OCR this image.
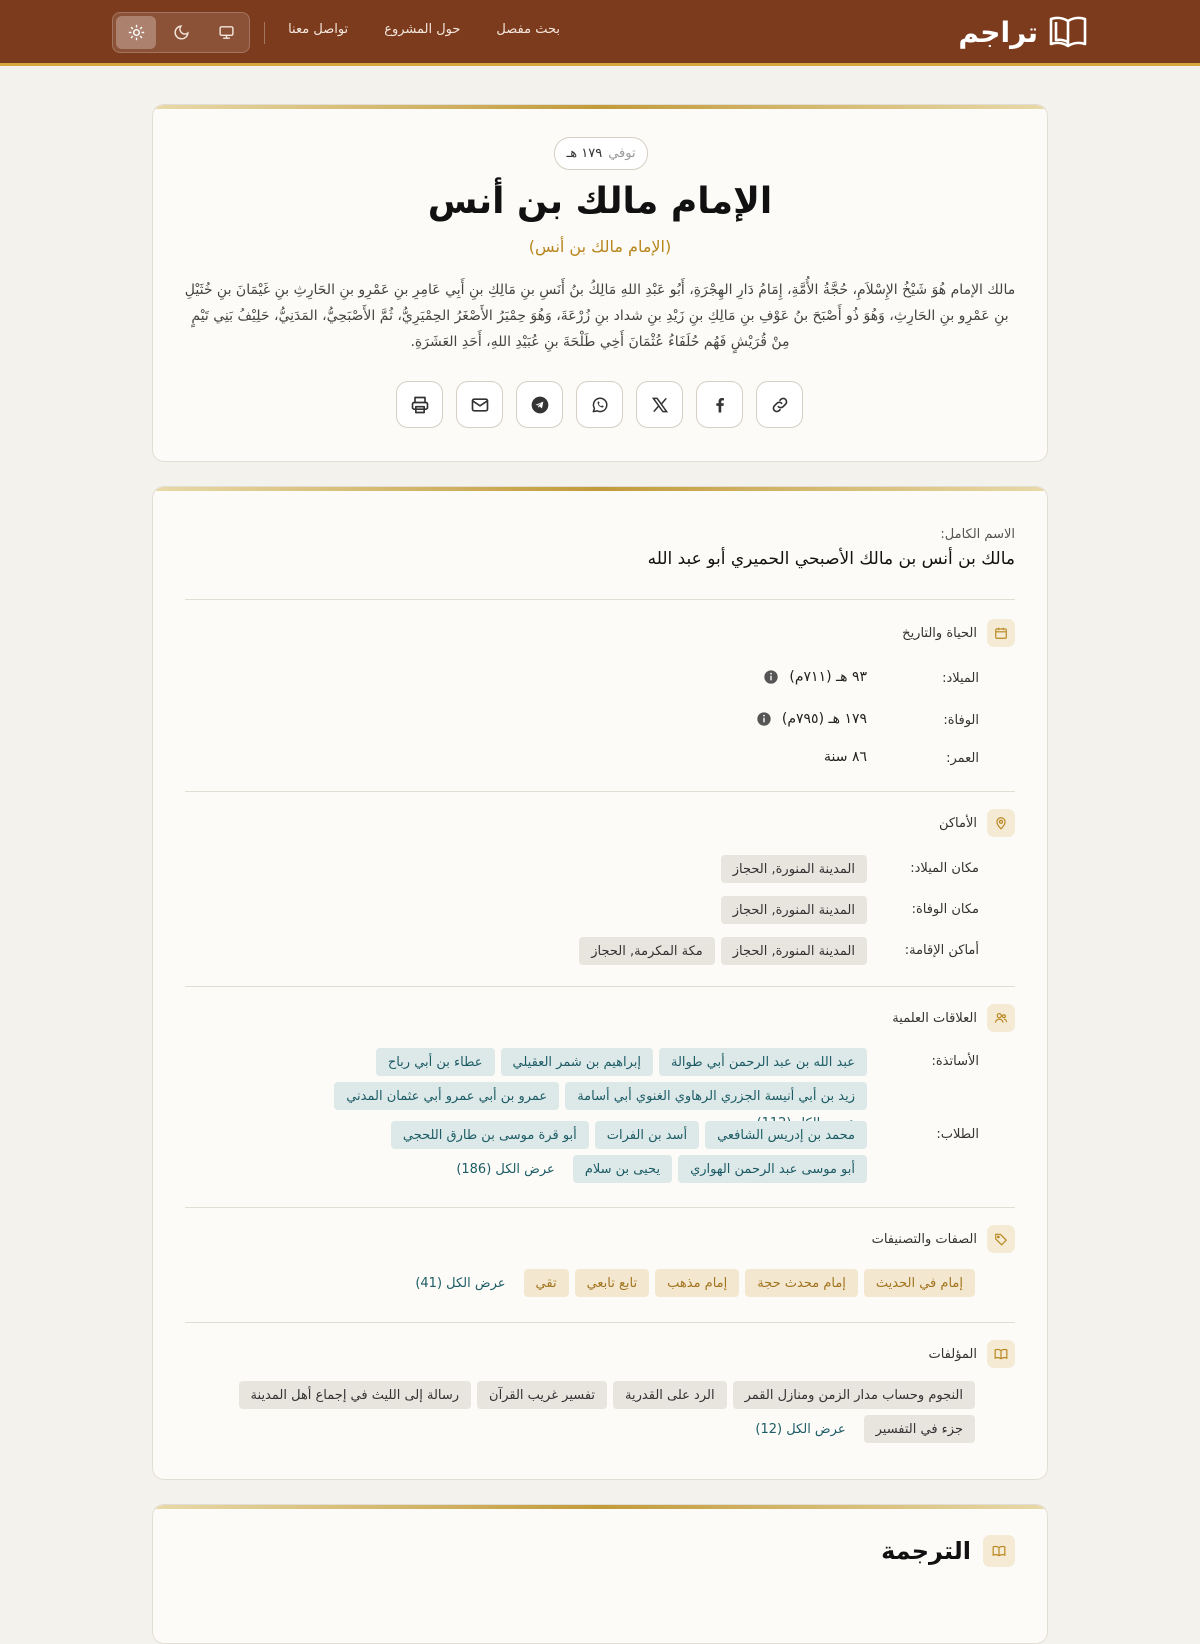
تراجم
بحث مفصل
حول المشروع
تواصل معنا
توفي
١٧٩ هـ
الإمام مالك بن أنس
(الإمام مالك بن أنس)

مالك الإمام هُوَ شَيْخُ الإِسْلاَمِ، حُجَّةُ الأُمَّةِ، إِمَامُ دَارِ الهِجْرَةِ، أَبُو عَبْدِ اللهِ مَالِكُ بنُ أَنَسِ بنِ مَالِكِ بنِ أَبِي عَامِرِ بنِ عَمْرِو بنِ الحَارِثِ بنِ غَيْمَانَ بنِ خُثَيْلِ بنِ عَمْرِو بنِ الحَارِثِ، وَهُوَ ذُو أَصْبَحَ بنُ عَوْفِ بنِ مَالِكِ بنِ زَيْدِ بنِ شداد بنِ زُرْعَةَ، وَهُوَ حِمْيَرُ الأَصْغَرُ الحِمْيَرِيُّ، ثُمَّ الأَصْبَحِيُّ، المَدَنِيُّ، حَلِيْفُ بَنِي تَيْمٍ مِنْ قُرَيْشٍ فَهُم حُلَفَاءُ عُثْمَانَ أَخِي طَلْحَةَ بنِ عُبَيْدِ اللهِ، أَحَدِ العَشَرَةِ.

الاسم الكامل:
مالك بن أنس بن مالك الأصبحي الحميري أبو عبد الله
الحياة والتاريخ
الميلاد:
٩٣ هـ (٧١١م)
الوفاة:
١٧٩ هـ (٧٩٥م)
العمر:
٨٦ سنة
الأماكن
مكان الميلاد:
المدينة المنورة, الحجاز
مكان الوفاة:
المدينة المنورة, الحجاز
أماكن الإقامة:
المدينة المنورة, الحجاز
مكة المكرمة, الحجاز
العلاقات العلمية
الأساتذة:
عبد الله بن عبد الرحمن أبي طوالة
إبراهيم بن شمر العقيلي
عطاء بن أبي رباح
زيد بن أبي أنيسة الجزري الرهاوي الغنوي أبي أسامة
عمرو بن أبي عمرو أبي عثمان المدني
الطلاب:
محمد بن إدريس الشافعي
أسد بن الفرات
أبو قرة موسى بن طارق اللحجي
أبو موسى عبد الرحمن الهواري
يحيى بن سلام
عرض الكل (186)
الصفات والتصنيفات
إمام في الحديث
إمام محدث حجة
إمام مذهب
تابع تابعي
تقي
عرض الكل (41)
المؤلفات
النجوم وحساب مدار الزمن ومنازل القمر
الرد على القدرية
تفسير غريب القرآن
رسالة إلى الليث في إجماع أهل المدينة
جزء في التفسير
عرض الكل (12)
الترجمة
